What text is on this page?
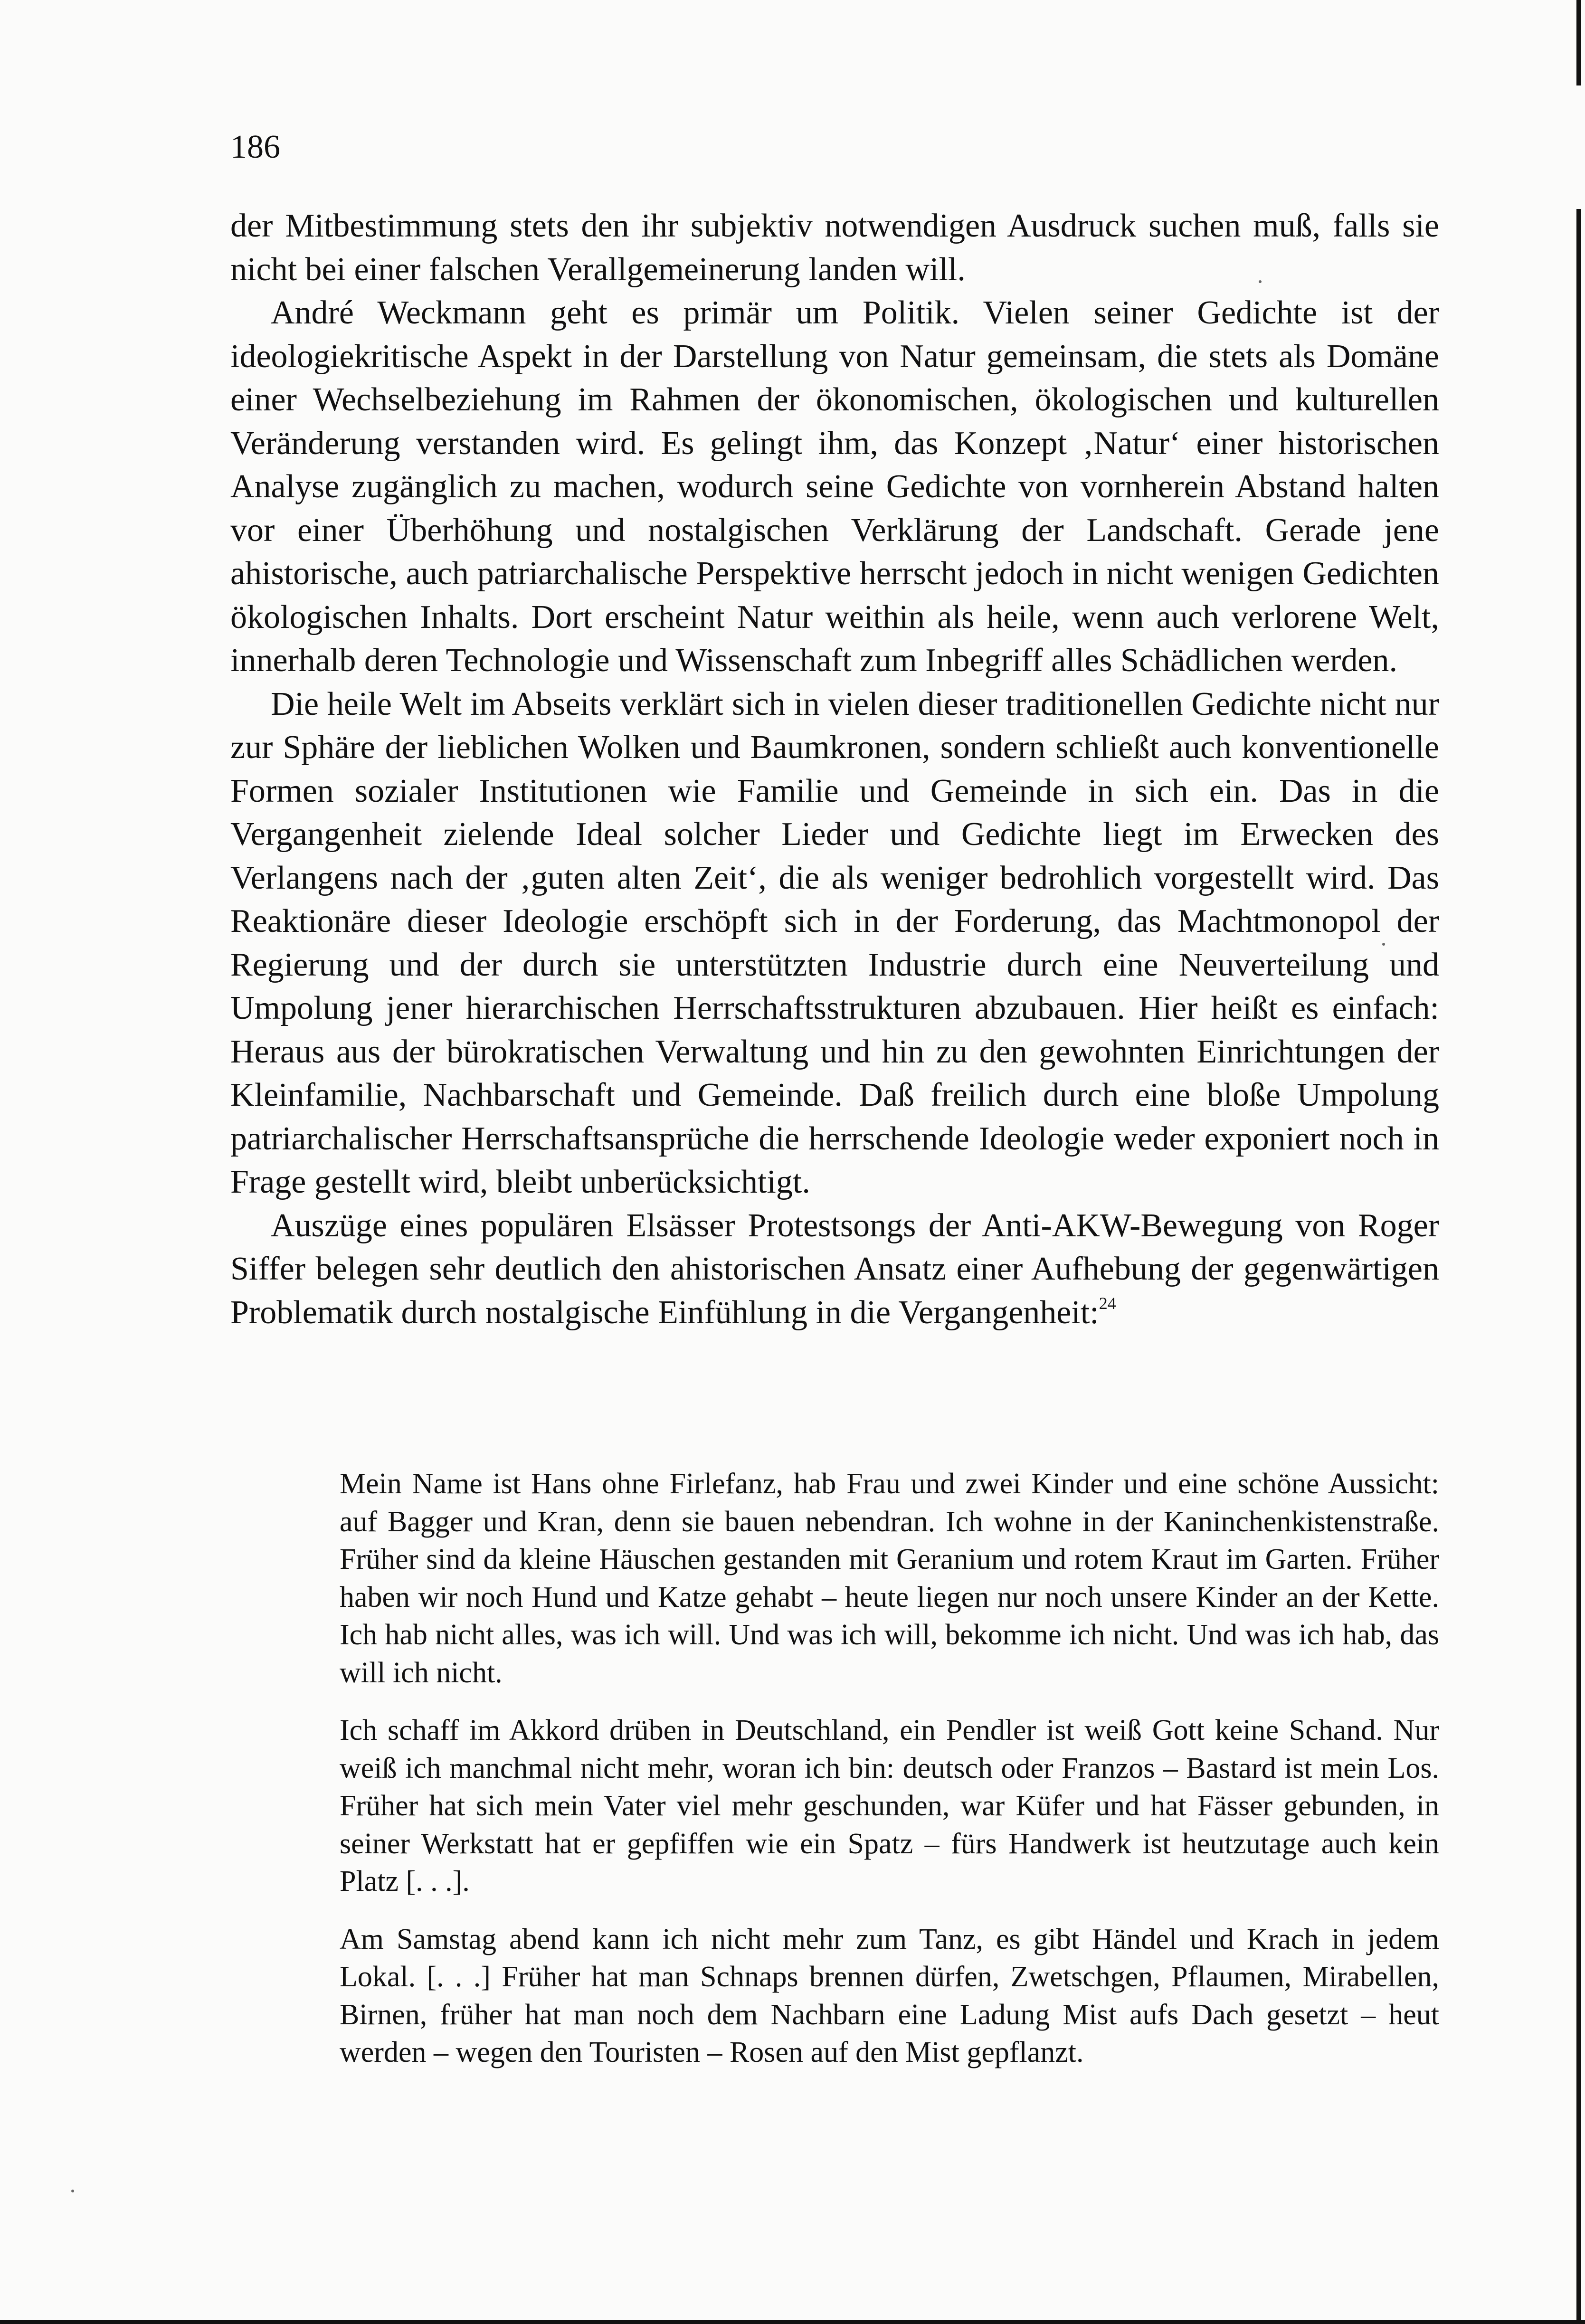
186

der Mitbestimmung stets den ihr subjektiv notwendigen Ausdruck suchen muß, falls sie nicht bei einer falschen Verallgemeinerung landen will.

André Weckmann geht es primär um Politik. Vielen seiner Gedichte ist der ideologiekritische Aspekt in der Darstellung von Natur gemeinsam, die stets als Domäne einer Wechselbeziehung im Rahmen der ökonomischen, ökologischen und kulturellen Veränderung verstanden wird. Es gelingt ihm, das Konzept ‚Natur‘ einer historischen Analyse zugänglich zu machen, wodurch seine Gedichte von vornherein Abstand halten vor einer Überhöhung und nostalgischen Verklärung der Landschaft. Gerade jene ahistorische, auch patriarchalische Perspektive herrscht jedoch in nicht wenigen Gedichten ökologischen Inhalts. Dort erscheint Natur weithin als heile, wenn auch verlorene Welt, innerhalb deren Technologie und Wissenschaft zum Inbegriff alles Schädlichen werden.

Die heile Welt im Abseits verklärt sich in vielen dieser traditionellen Gedichte nicht nur zur Sphäre der lieblichen Wolken und Baumkronen, sondern schließt auch konventionelle Formen sozialer Institutionen wie Familie und Gemeinde in sich ein. Das in die Vergangenheit zielende Ideal solcher Lieder und Gedichte liegt im Erwecken des Verlangens nach der ‚guten alten Zeit‘, die als weniger bedrohlich vorgestellt wird. Das Reaktionäre dieser Ideologie erschöpft sich in der Forderung, das Machtmonopol der Regierung und der durch sie unterstützten Industrie durch eine Neuverteilung und Umpolung jener hierarchischen Herrschaftsstrukturen abzubauen. Hier heißt es einfach: Heraus aus der bürokratischen Verwaltung und hin zu den gewohnten Einrichtungen der Kleinfamilie, Nachbarschaft und Gemeinde. Daß freilich durch eine bloße Umpolung patriarchalischer Herrschaftsansprüche die herrschende Ideologie weder exponiert noch in Frage gestellt wird, bleibt unberücksichtigt.

Auszüge eines populären Elsässer Protestsongs der Anti-AKW-Bewegung von Roger Siffer belegen sehr deutlich den ahistorischen Ansatz einer Aufhebung der gegenwärtigen Problematik durch nostalgische Einfühlung in die Vergangenheit:$^{24}$

Mein Name ist Hans ohne Firlefanz, hab Frau und zwei Kinder und eine schöne Aussicht: auf Bagger und Kran, denn sie bauen nebendran. Ich wohne in der Kaninchenkistenstraße. Früher sind da kleine Häuschen gestanden mit Geranium und rotem Kraut im Garten. Früher haben wir noch Hund und Katze gehabt – heute liegen nur noch unsere Kinder an der Kette. Ich hab nicht alles, was ich will. Und was ich will, bekomme ich nicht. Und was ich hab, das will ich nicht.

Ich schaff im Akkord drüben in Deutschland, ein Pendler ist weiß Gott keine Schand. Nur weiß ich manchmal nicht mehr, woran ich bin: deutsch oder Franzos – Bastard ist mein Los. Früher hat sich mein Vater viel mehr geschunden, war Küfer und hat Fässer gebunden, in seiner Werkstatt hat er gepfiffen wie ein Spatz – fürs Handwerk ist heutzutage auch kein Platz [. . .].

Am Samstag abend kann ich nicht mehr zum Tanz, es gibt Händel und Krach in jedem Lokal. [. . .] Früher hat man Schnaps brennen dürfen, Zwetschgen, Pflaumen, Mirabellen, Birnen, früher hat man noch dem Nachbarn eine Ladung Mist aufs Dach gesetzt – heut werden – wegen den Touristen – Rosen auf den Mist gepflanzt.
